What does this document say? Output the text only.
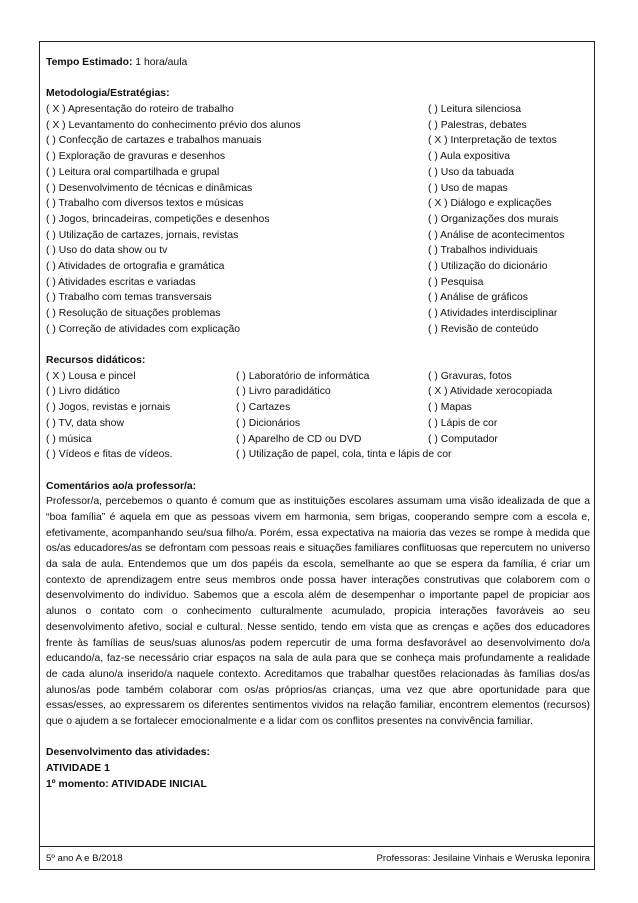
Tempo Estimado: 1 hora/aula
Metodologia/Estratégias:
( X ) Apresentação do roteiro de trabalho	( ) Leitura silenciosa
( X ) Levantamento do conhecimento prévio dos alunos	( ) Palestras, debates
( ) Confecção de cartazes e trabalhos manuais	( X ) Interpretação de textos
( ) Exploração de gravuras e desenhos	( ) Aula expositiva
( ) Leitura oral compartilhada e grupal	( ) Uso da tabuada
( ) Desenvolvimento de técnicas e dinâmicas	( ) Uso de mapas
( ) Trabalho com diversos textos e músicas	( X ) Diálogo e explicações
( ) Jogos, brincadeiras, competições e desenhos	( ) Organizações dos murais
( ) Utilização de cartazes, jornais, revistas	( ) Análise de acontecimentos
( ) Uso do data show ou tv	( ) Trabalhos individuais
( ) Atividades de ortografia e gramática	( ) Utilização do dicionário
( ) Atividades escritas e variadas	( ) Pesquisa
( ) Trabalho com temas transversais	( ) Análise de gráficos
( ) Resolução de situações problemas	( ) Atividades interdisciplinar
( ) Correção de atividades com explicação	( ) Revisão de conteúdo
Recursos didáticos:
( X ) Lousa e pincel	( ) Laboratório de informática	( ) Gravuras, fotos
( ) Livro didático	( ) Livro paradidático	( X ) Atividade xerocopiada
( ) Jogos, revistas e jornais	( ) Cartazes	( ) Mapas
( ) TV, data show	( ) Dicionários	( ) Lápis de cor
( ) música	( ) Aparelho de CD ou DVD	( ) Computador
( ) Vídeos e fitas de vídeos.	( ) Utilização de papel, cola, tinta e lápis de cor
Comentários ao/a professor/a:
Professor/a, percebemos o quanto é comum que as instituições escolares assumam uma visão idealizada de que a “boa família” é aquela em que as pessoas vivem em harmonia, sem brigas, cooperando sempre com a escola e, efetivamente, acompanhando seu/sua filho/a. Porém, essa expectativa na maioria das vezes se rompe à medida que os/as educadores/as se defrontam com pessoas reais e situações familiares conflituosas que repercutem no universo da sala de aula. Entendemos que um dos papéis da escola, semelhante ao que se espera da família, é criar um contexto de aprendizagem entre seus membros onde possa haver interações construtivas que colaborem com o desenvolvimento do indivíduo. Sabemos que a escola além de desempenhar o importante papel de propiciar aos alunos o contato com o conhecimento culturalmente acumulado, propicia interações favoráveis ao seu desenvolvimento afetivo, social e cultural. Nesse sentido, tendo em vista que as crenças e ações dos educadores frente às famílias de seus/suas alunos/as podem repercutir de uma forma desfavorável ao desenvolvimento do/a educando/a, faz-se necessário criar espaços na sala de aula para que se conheça mais profundamente a realidade de cada aluno/a inserido/a naquele contexto. Acreditamos que trabalhar questões relacionadas às famílias dos/as alunos/as pode também colaborar com os/as próprios/as crianças, uma vez que abre oportunidade para que essas/esses, ao expressarem os diferentes sentimentos vividos na relação familiar, encontrem elementos (recursos) que o ajudem a se fortalecer emocionalmente e a lidar com os conflitos presentes na convivência familiar.
Desenvolvimento das atividades:
ATIVIDADE 1
1º momento: ATIVIDADE INICIAL
5º ano A e B/2018	Professoras: Jesilaine Vinhais e Weruska Ieponira
